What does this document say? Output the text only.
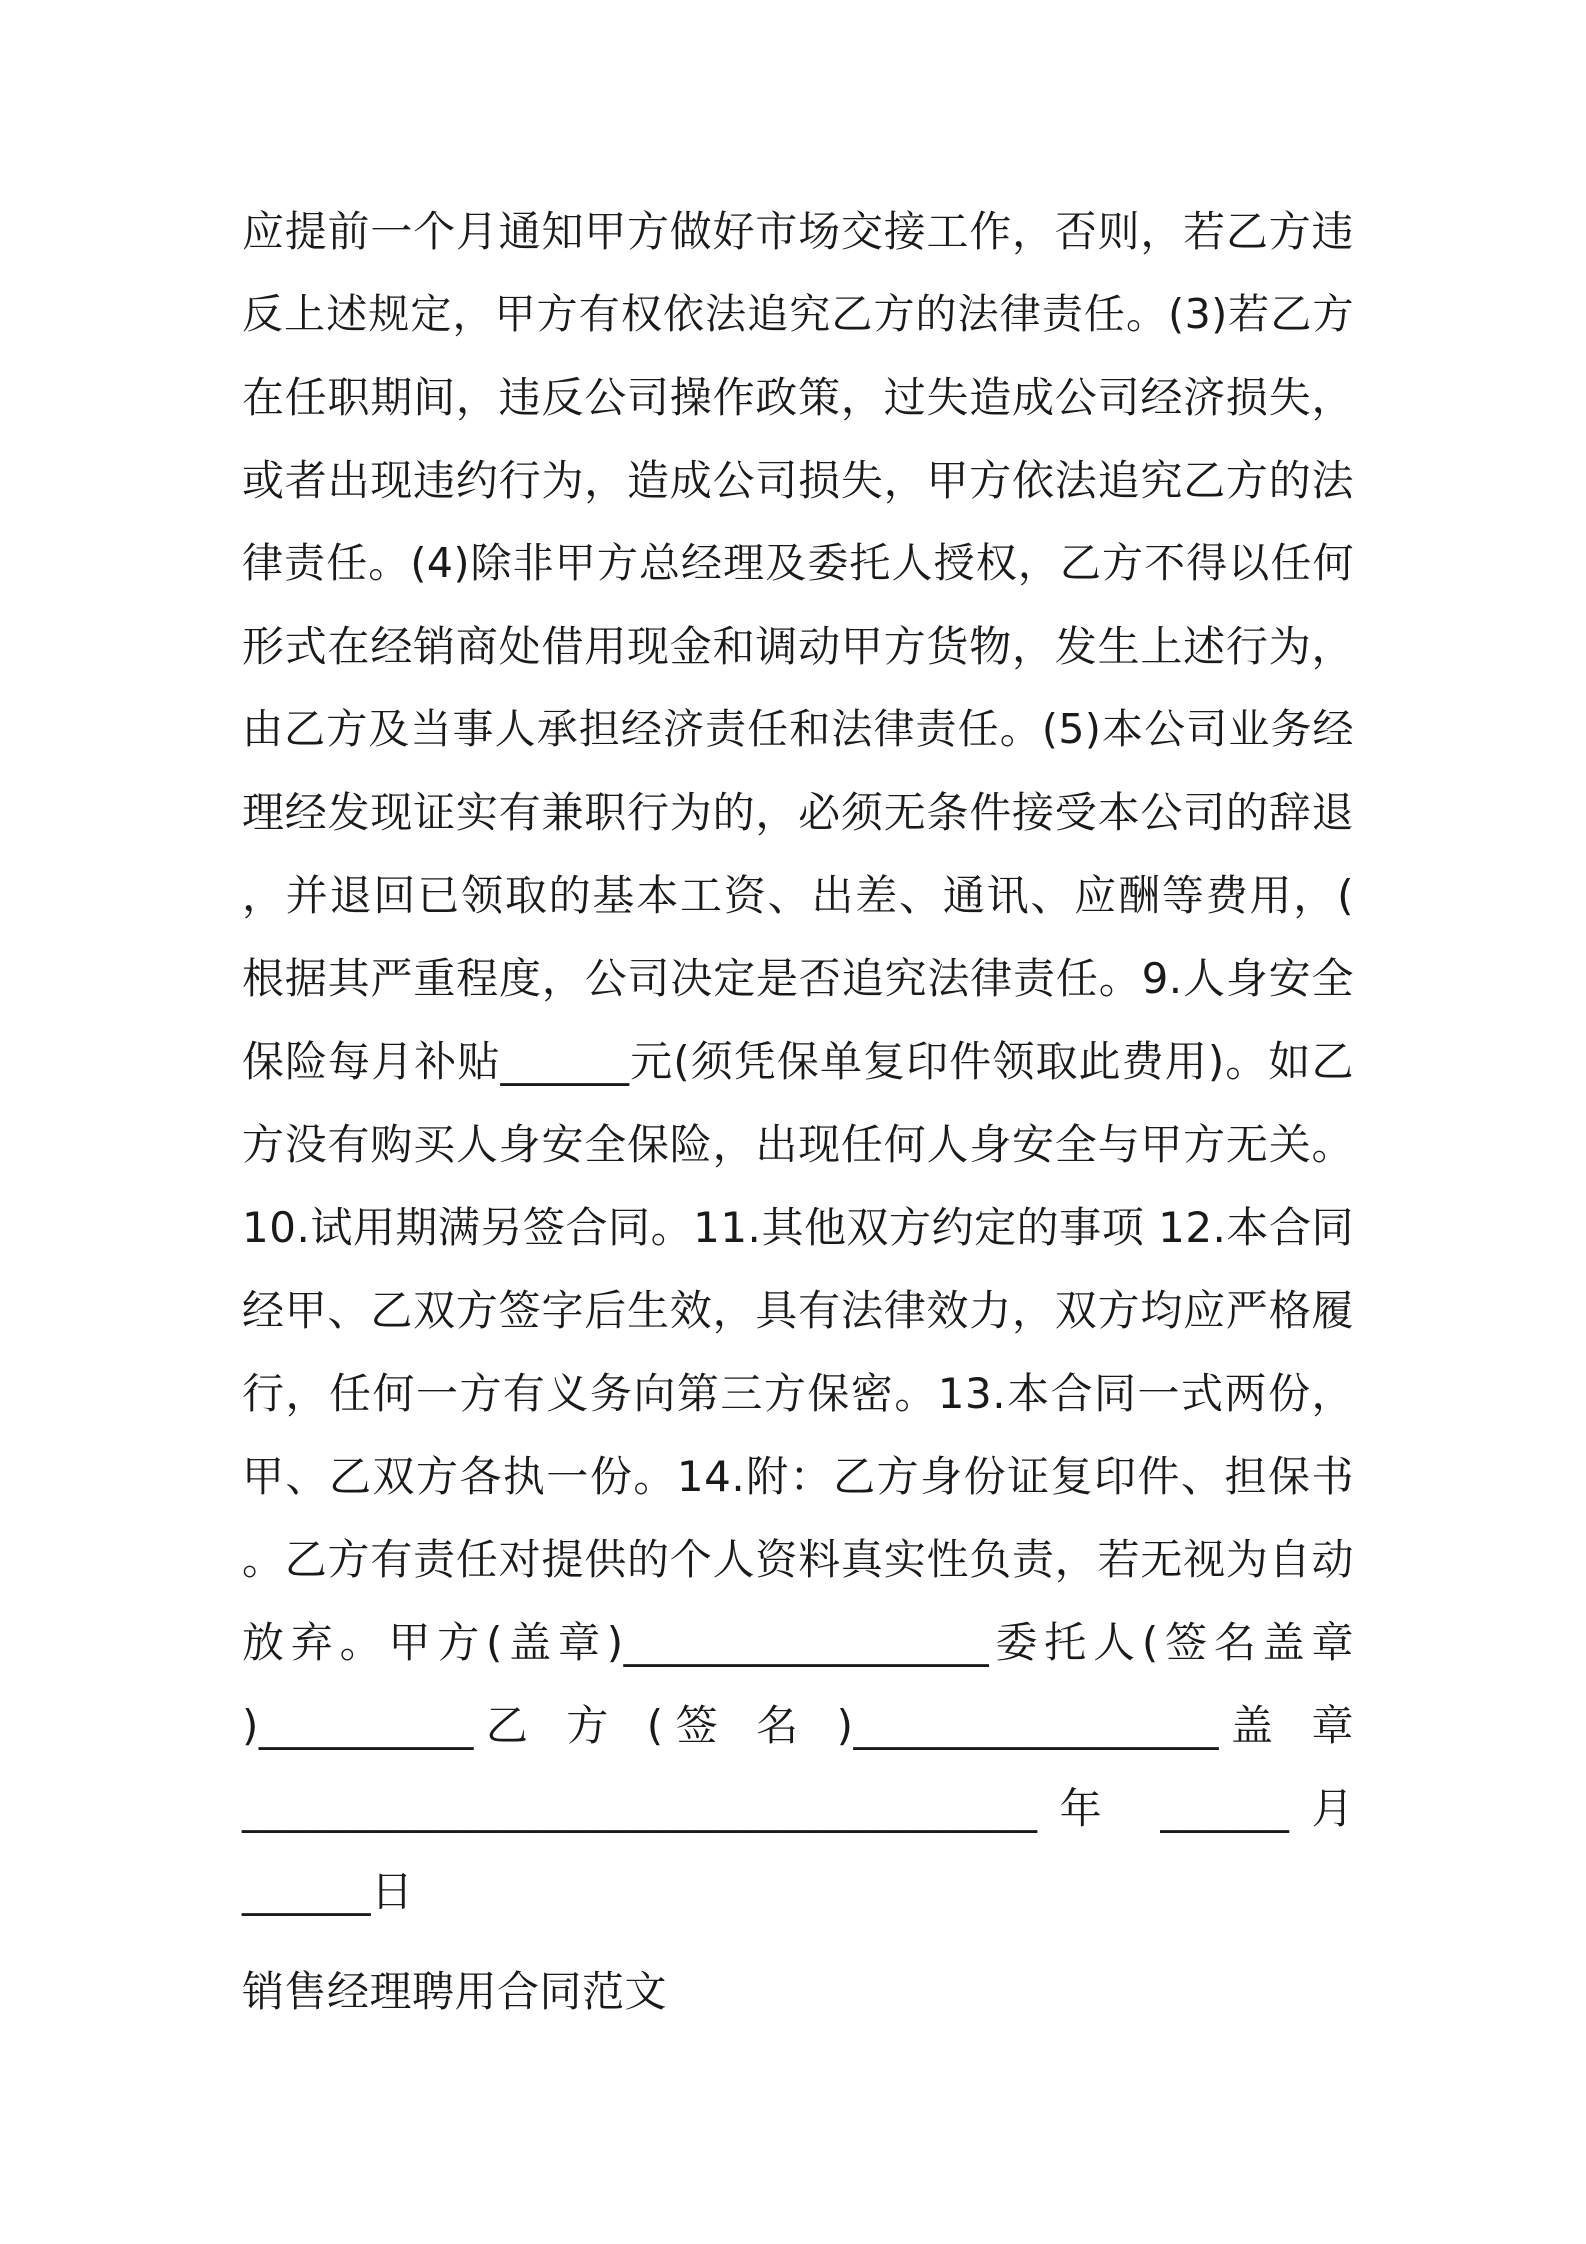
应提前一个月通知甲方做好市场交接工作，否则，若乙方违
反上述规定，甲方有权依法追究乙方的法律责任。(3)若乙方
在任职期间，违反公司操作政策，过失造成公司经济损失，
或者出现违约行为，造成公司损失，甲方依法追究乙方的法
律责任。(4)除非甲方总经理及委托人授权，乙方不得以任何
形式在经销商处借用现金和调动甲方货物，发生上述行为，
由乙方及当事人承担经济责任和法律责任。(5)本公司业务经
理经发现证实有兼职行为的，必须无条件接受本公司的辞退
，并退回已领取的基本工资、出差、通讯、应酬等费用，(
根据其严重程度，公司决定是否追究法律责任。9.人身安全
保险每月补贴______元(须凭保单复印件领取此费用)。如乙
方没有购买人身安全保险，出现任何人身安全与甲方无关。
10.试用期满另签合同。11.其他双方约定的事项 12.本合同
经甲、乙双方签字后生效，具有法律效力，双方均应严格履
行，任何一方有义务向第三方保密。13.本合同一式两份，
甲、乙双方各执一份。14.附：乙方身份证复印件、担保书
。乙方有责任对提供的个人资料真实性负责，若无视为自动
放弃。甲方(盖章)_________________委托人(签名盖章
)__________乙 方 (签 名 )_________________盖 章
_____________________________________年 ______月
______日
销售经理聘用合同范文
